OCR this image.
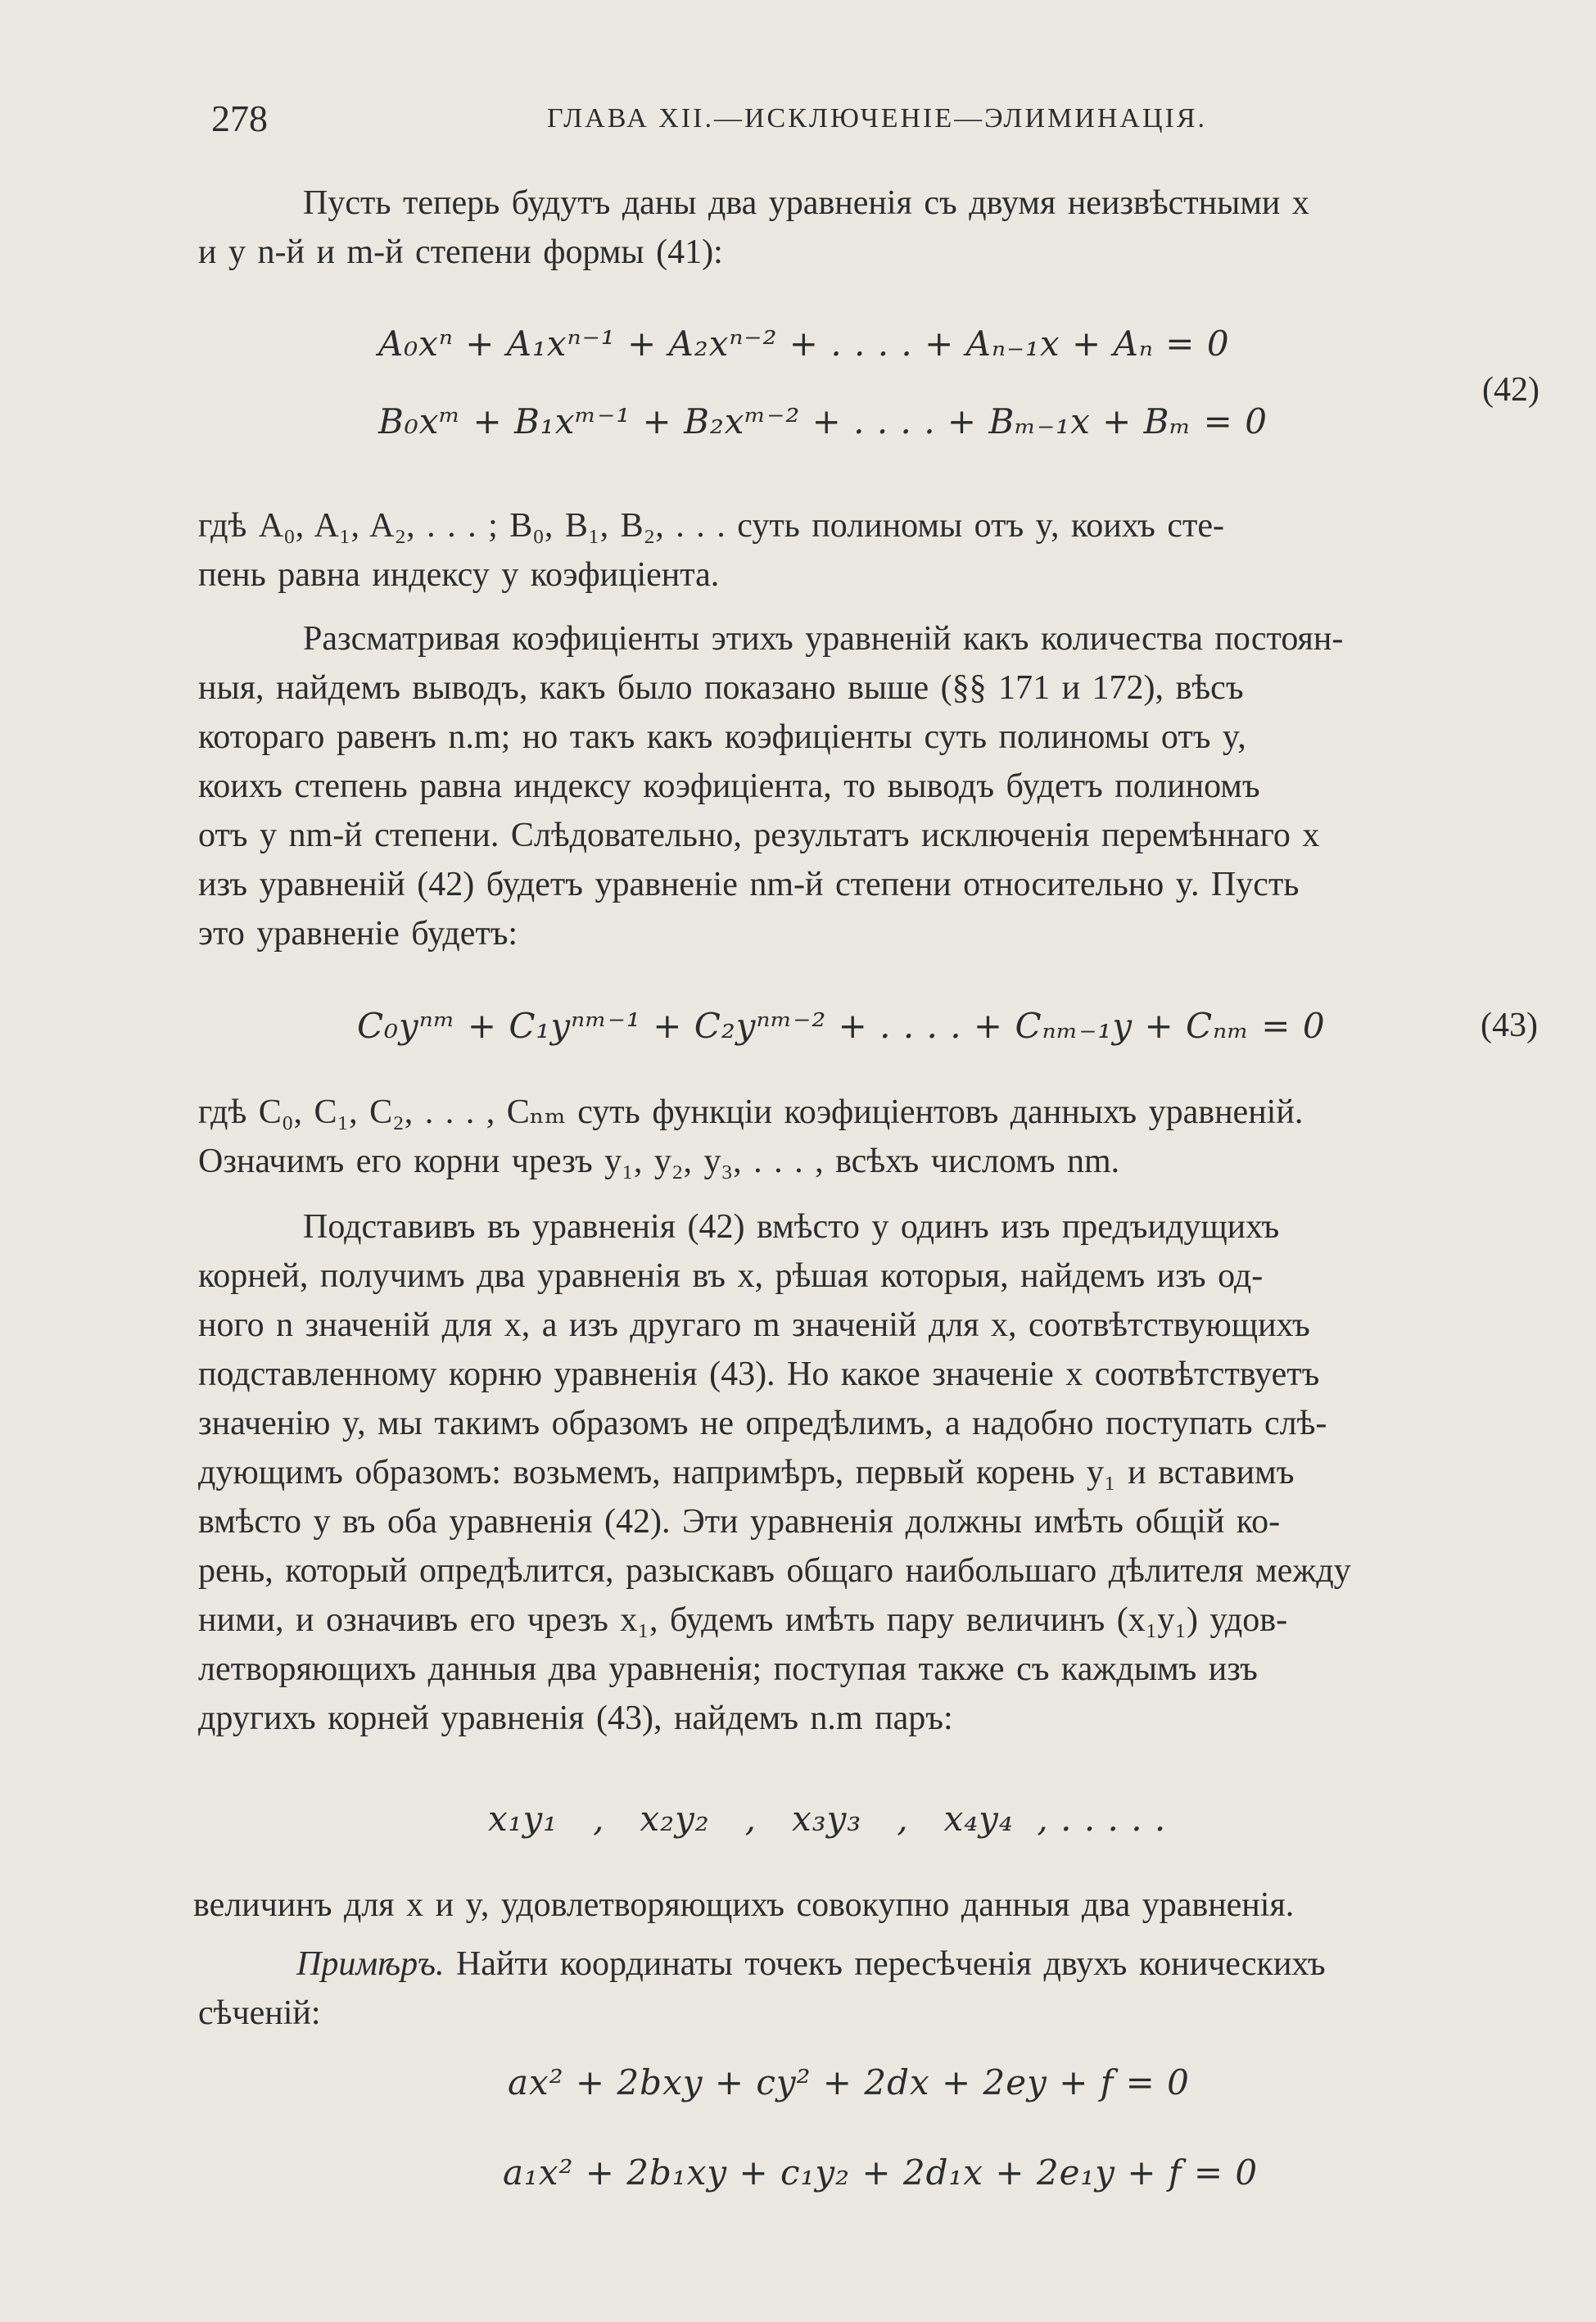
278	ГЛАВА XII.—ИСКЛЮЧЕНІЕ—ЭЛИМИНАЦІЯ.
Пусть теперь будутъ даны два уравненія съ двумя неизвѣстными x
и y n-й и m-й степени формы (41):
A₀xⁿ + A₁xⁿ⁻¹ + A₂xⁿ⁻² + . . . . + Aₙ₋₁x + Aₙ = 0
B₀xᵐ + B₁xᵐ⁻¹ + B₂xᵐ⁻² + . . . . + Bₘ₋₁x + Bₘ = 0
(42)
гдѣ A₀, A₁, A₂, . . . ; B₀, B₁, B₂, . . . суть полиномы отъ y, коихъ сте-
пень равна индексу у коэфиціента.
Разсматривая коэфиціенты этихъ уравненій какъ количества постоян-
ныя, найдемъ выводъ, какъ было показано выше (§§ 171 и 172), вѣсъ
котораго равенъ n.m; но такъ какъ коэфиціенты суть полиномы отъ y,
коихъ степень равна индексу коэфиціента, то выводъ будетъ полиномъ
отъ y nm-й степени. Слѣдовательно, результатъ исключенія перемѣннаго x
изъ уравненій (42) будетъ уравненіе nm-й степени относительно y. Пусть
это уравненіе будетъ:
C₀yⁿᵐ + C₁yⁿᵐ⁻¹ + C₂yⁿᵐ⁻² + . . . . + Cₙₘ₋₁y + Cₙₘ = 0	(43)
гдѣ C₀, C₁, C₂, . . . , Cₙₘ суть функціи коэфиціентовъ данныхъ уравненій.
Означимъ его корни чрезъ y₁, y₂, y₃, . . . , всѣхъ числомъ nm.
Подставивъ въ уравненія (42) вмѣсто y одинъ изъ предъидущихъ
корней, получимъ два уравненія въ x, рѣшая которыя, найдемъ изъ од-
ного n значеній для x, а изъ другаго m значеній для x, соотвѣтствующихъ
подставленному корню уравненія (43). Но какое значеніе x соотвѣтствуетъ
значенію y, мы такимъ образомъ не опредѣлимъ, а надобно поступать слѣ-
дующимъ образомъ: возьмемъ, напримѣръ, первый корень y₁ и вставимъ
вмѣсто y въ оба уравненія (42). Эти уравненія должны имѣть общій ко-
рень, который опредѣлится, разыскавъ общаго наибольшаго дѣлителя между
ними, и означивъ его чрезъ x₁, будемъ имѣть пару величинъ (x₁y₁) удов-
летворяющихъ данныя два уравненія; поступая также съ каждымъ изъ
другихъ корней уравненія (43), найдемъ n.m паръ:
x₁y₁   ,   x₂y₂   ,   x₃y₃   ,   x₄y₄  , . . . . .
величинъ для x и y, удовлетворяющихъ совокупно данныя два уравненія.
Примѣръ. Найти координаты точекъ пересѣченія двухъ коническихъ
сѣченій:
ax² + 2bxy + cy² + 2dx + 2ey + f = 0
a₁x² + 2b₁xy + c₁y₂ + 2d₁x + 2e₁y + f = 0
